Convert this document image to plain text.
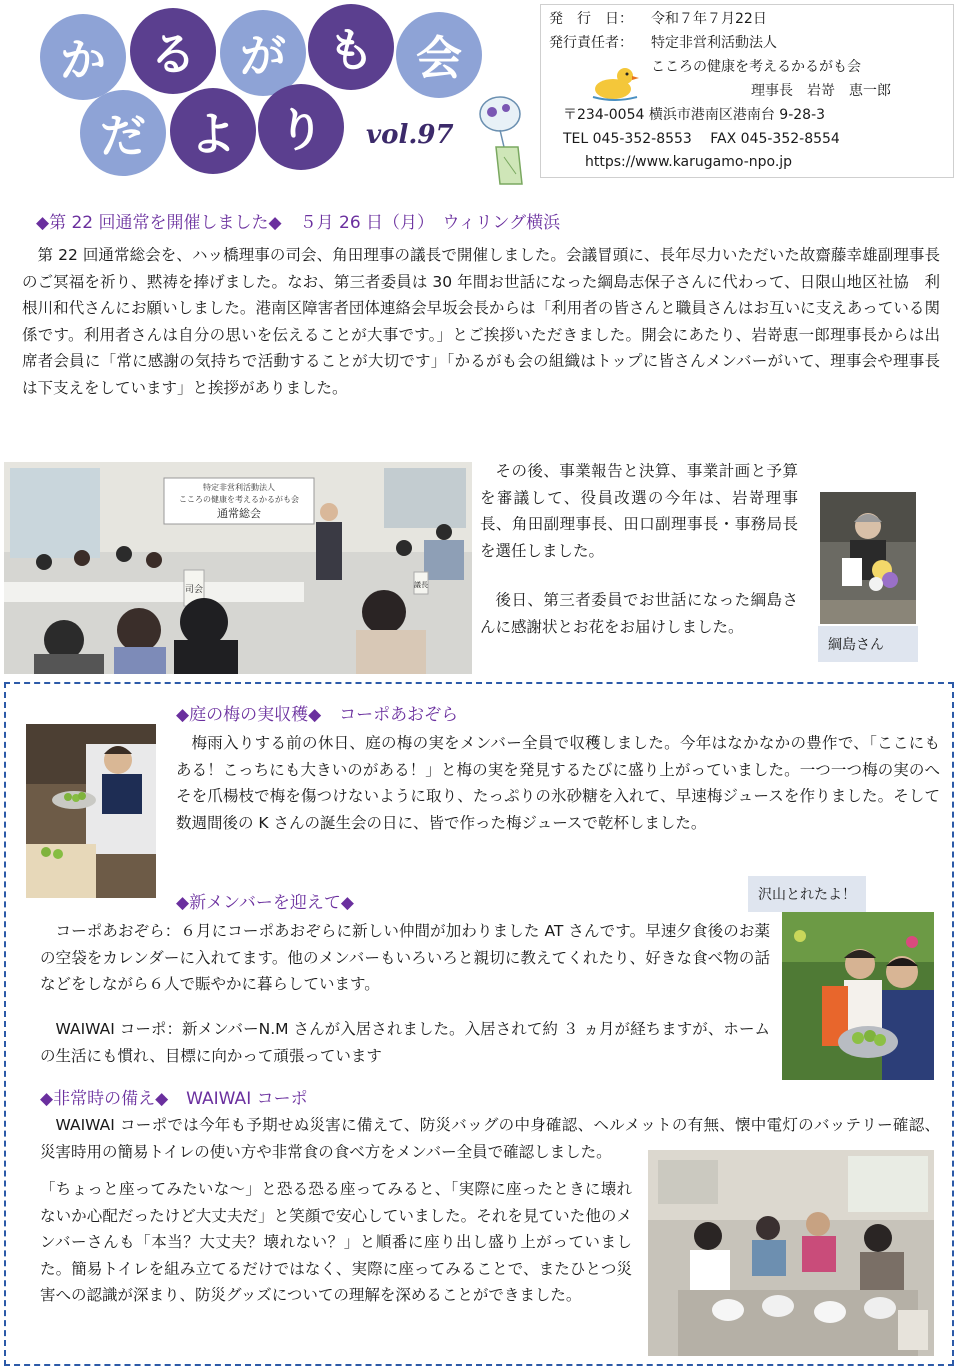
か る が も 会
だ よ り	vol.97
発　行　日： 令和７年７月22日
発行責任者： 特定非営利活動法人
こころの健康を考えるかるがも会
理事長　岩嵜　恵一郎
〒234-0054 横浜市港南区港南台 9-28-3
TEL 045-352-8553　 FAX 045-352-8554
https://www.karugamo-npo.jp
◆第 22 回通常を開催しました◆ ５月 26 日（月）　ウィリング横浜
第 22 回通常総会を、ハッ橋理事の司会、角田理事の議長で開催しました。会議冒頭に、長年尽力いただいた故齋藤幸雄副理事長のご冥福を祈り、黙祷を捧げました。なお、第三者委員は 30 年間お世話になった綱島志保子さんに代わって、日限山地区社協　利根川和代さんにお願いしました。港南区障害者団体連絡会早坂会長からは「利用者の皆さんと職員さんはお互いに支えあっている関係です。利用者さんは自分の思いを伝えることが大事です。」とご挨拶いただきました。開会にあたり、岩嵜恵一郎理事長からは出席者会員に「常に感謝の気持ちで活動することが大切です」「かるがも会の組織はトップに皆さんメンバーがいて、理事会や理事長は下支えをしています」と挨拶がありました。
特定非営利活動法人
こころの健康を考えるかるがも会
通常総会
司会	議長
その後、事業報告と決算、事業計画と予算を審議して、役員改選の今年は、岩嵜理事長、角田副理事長、田口副理事長・事務局長を選任しました。
後日、第三者委員でお世話になった綱島さんに感謝状とお花をお届けしました。
綱島さん
◆庭の梅の実収穫◆ コーポあおぞら
梅雨入りする前の休日、庭の梅の実をメンバー全員で収穫しました。今年はなかなかの豊作で、「ここにもある！こっちにも大きいのがある！」と梅の実を発見するたびに盛り上がっていました。一つ一つ梅の実のへそを爪楊枝で梅を傷つけないように取り、たっぷりの氷砂糖を入れて、早速梅ジュースを作りました。そして数週間後の K さんの誕生会の日に、皆で作った梅ジュースで乾杯しました。
◆新メンバーを迎えて◆
コーポあおぞら：６月にコーポあおぞらに新しい仲間が加わりました AT さんです。早速夕食後のお薬の空袋をカレンダーに入れてます。他のメンバーもいろいろと親切に教えてくれたり、好きな食べ物の話などをしながら６人で賑やかに暮らしています。
WAIWAI コーポ：新メンバーN.M さんが入居されました。入居されて約 ３ ヵ月が経ちますが、ホームの生活にも慣れ、目標に向かって頑張っています
沢山とれたよ！
◆非常時の備え◆ WAIWAI コーポ
WAIWAI コーポでは今年も予期せぬ災害に備えて、防災バッグの中身確認、ヘルメットの有無、懐中電灯のバッテリー確認、災害時用の簡易トイレの使い方や非常食の食べ方をメンバー全員で確認しました。
「ちょっと座ってみたいな～」と恐る恐る座ってみると、「実際に座ったときに壊れないか心配だったけど大丈夫だ」と笑顔で安心していました。それを見ていた他のメンバーさんも「本当？大丈夫？壊れない？」と順番に座り出し盛り上がっていました。簡易トイレを組み立てるだけではなく、実際に座ってみることで、またひとつ災害への認識が深まり、防災グッズについての理解を深めることができました。
